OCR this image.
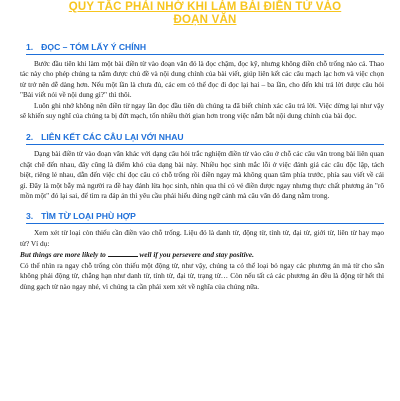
QUY TẮC PHẢI NHỚ KHI LÀM BÀI ĐIỀN TỪ VÀO
ĐOẠN VĂN
1. ĐỌC – TÓM LẤY Ý CHÍNH

Bước đầu tiên khi làm một bài điền từ vào đoạn văn đó là đọc chậm, đọc kỹ, nhưng không điền chỗ trống nào cả. Thao tác này cho phép chúng ta nắm được chủ đề và nội dung chính của bài viết, giúp liên kết các câu mạch lạc hơn và việc chọn từ trở nên dễ dàng hơn. Nếu một lần là chưa đủ, các em có thể đọc đi đọc lại hai – ba lần, cho đến khi trả lời được câu hỏi "Bài viết nói về nội dung gì?" thì thôi.

Luôn ghi nhớ không nên điền từ ngay lần đọc đầu tiên dù chúng ta đã biết chính xác câu trả lời. Việc dừng lại như vậy sẽ khiến suy nghĩ của chúng ta bị đứt mạch, tốn nhiều thời gian hơn trong việc nắm bắt nội dung chính của bài đọc.

2. LIÊN KẾT CÁC CÂU LẠI VỚI NHAU

Dạng bài điền từ vào đoạn văn khác với dạng câu hỏi trắc nghiệm điền từ vào câu ở chỗ các câu văn trong bài liên quan chặt chẽ đến nhau, đây cũng là điểm khó của dạng bài này. Nhiều học sinh mắc lỗi ở việc đánh giá các câu độc lập, tách biệt, riêng lẻ nhau, dẫn đến việc chỉ đọc câu có chỗ trống rồi điền ngay mà không quan tâm phía trước, phía sau viết về cái gì. Đây là một bẫy mà người ra đề hay đánh lừa học sinh, nhìn qua thì có vẻ điền được ngay nhưng thực chất phương án "rõ mồn một" đó lại sai, để tìm ra đáp án thì yêu cầu phải hiểu đúng ngữ cảnh mà câu văn đó đang nằm trong.

3. TÌM TỪ LOẠI PHÙ HỢP

Xem xét từ loại còn thiếu cần điền vào chỗ trống. Liệu đó là danh từ, động từ, tính từ, đại từ, giới từ, liên từ hay mạo từ? Ví dụ:

But things are more likely to	well if you persevere and stay positive.

Có thể nhìn ra ngay chỗ trống còn thiếu một động từ, như vậy, chúng ta có thể loại bỏ ngay các phương án mà từ cho sẵn không phải động từ, chẳng hạn như danh từ, tính từ, đại từ, trạng từ… Còn nếu tất cả các phương án đều là động từ hết thì dùng gạch từ nào ngay nhé, vì chúng ta cần phải xem xét về nghĩa của chúng nữa.
